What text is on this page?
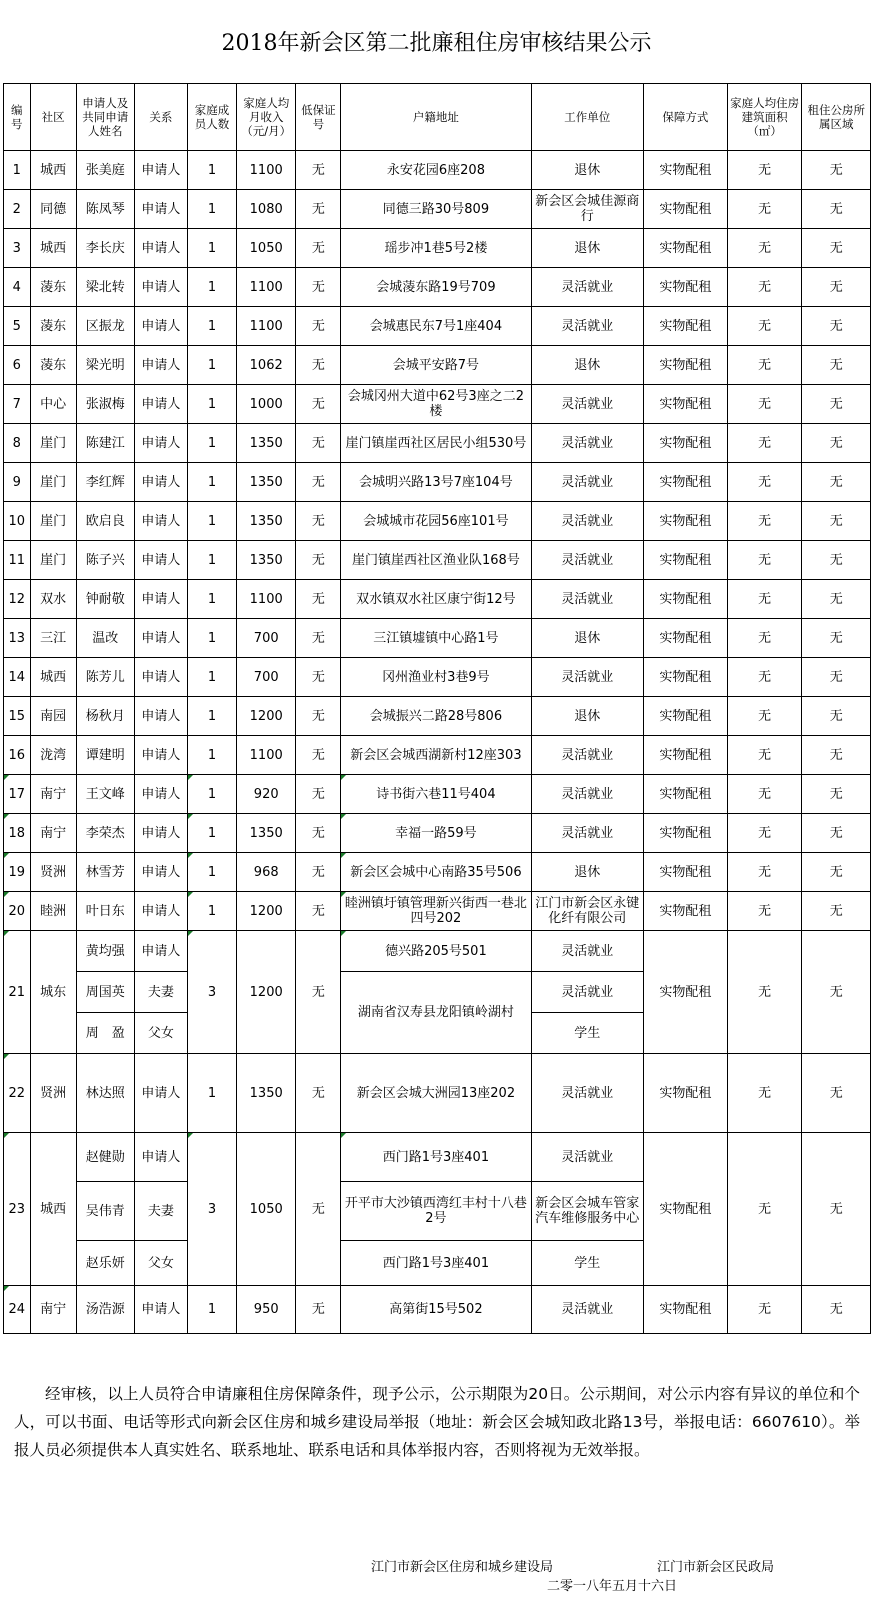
2018年新会区第二批廉租住房审核结果公示
编号	社区	申请人及共同申请人姓名	关系	家庭成员人数	家庭人均月收入（元/月）	低保证号	户籍地址	工作单位	保障方式	家庭人均住房建筑面积（㎡）	租住公房所属区域
1	城西	张美庭	申请人	1	1100	无	永安花园6座208	退休	实物配租	无	无
2	同德	陈凤琴	申请人	1	1080	无	同德三路30号809	新会区会城佳源商行	实物配租	无	无
3	城西	李长庆	申请人	1	1050	无	瑶步冲1巷5号2楼	退休	实物配租	无	无
4	蓤东	梁北转	申请人	1	1100	无	会城蓤东路19号709	灵活就业	实物配租	无	无
5	蓤东	区振龙	申请人	1	1100	无	会城惠民东7号1座404	灵活就业	实物配租	无	无
6	蓤东	梁光明	申请人	1	1062	无	会城平安路7号	退休	实物配租	无	无
7	中心	张淑梅	申请人	1	1000	无	会城冈州大道中62号3座之二2楼	灵活就业	实物配租	无	无
8	崖门	陈建江	申请人	1	1350	无	崖门镇崖西社区居民小组530号	灵活就业	实物配租	无	无
9	崖门	李红辉	申请人	1	1350	无	会城明兴路13号7座104号	灵活就业	实物配租	无	无
10	崖门	欧启良	申请人	1	1350	无	会城城市花园56座101号	灵活就业	实物配租	无	无
11	崖门	陈子兴	申请人	1	1350	无	崖门镇崖西社区渔业队168号	灵活就业	实物配租	无	无
12	双水	钟耐敬	申请人	1	1100	无	双水镇双水社区康宁街12号	灵活就业	实物配租	无	无
13	三江	温改	申请人	1	700	无	三江镇墟镇中心路1号	退休	实物配租	无	无
14	城西	陈芳儿	申请人	1	700	无	冈州渔业村3巷9号	灵活就业	实物配租	无	无
15	南园	杨秋月	申请人	1	1200	无	会城振兴二路28号806	退休	实物配租	无	无
16	泷湾	谭建明	申请人	1	1100	无	新会区会城西湖新村12座303	灵活就业	实物配租	无	无
17	南宁	王文峰	申请人	1	920	无	诗书街六巷11号404	灵活就业	实物配租	无	无
18	南宁	李荣杰	申请人	1	1350	无	幸福一路59号	灵活就业	实物配租	无	无
19	贤洲	林雪芳	申请人	1	968	无	新会区会城中心南路35号506	退休	实物配租	无	无
20	睦洲	叶日东	申请人	1	1200	无	睦洲镇圩镇管理新兴街西一巷北四号202	江门市新会区永键化纤有限公司	实物配租	无	无
21	城东	黄均强	申请人	3	1200	无	德兴路205号501	灵活就业	实物配租	无	无
		周国英	夫妻				湖南省汉寿县龙阳镇岭湖村	灵活就业			
		周　盈	父女					学生			
22	贤洲	林达照	申请人	1	1350	无	新会区会城大洲园13座202	灵活就业	实物配租	无	无
23	城西	赵健勋	申请人	3	1050	无	西门路1号3座401	灵活就业	实物配租	无	无
		吴伟青	夫妻				开平市大沙镇西湾红丰村十八巷2号	新会区会城车管家汽车维修服务中心			
		赵乐妍	父女				西门路1号3座401	学生			
24	南宁	汤浩源	申请人	1	950	无	高第街15号502	灵活就业	实物配租	无	无
经审核，以上人员符合申请廉租住房保障条件，现予公示，公示期限为20日。公示期间，对公示内容有异议的单位和个人，可以书面、电话等形式向新会区住房和城乡建设局举报（地址：新会区会城知政北路13号，举报电话：6607610）。举报人员必须提供本人真实姓名、联系地址、联系电话和具体举报内容，否则将视为无效举报。
江门市新会区住房和城乡建设局	江门市新会区民政局
二零一八年五月十六日
